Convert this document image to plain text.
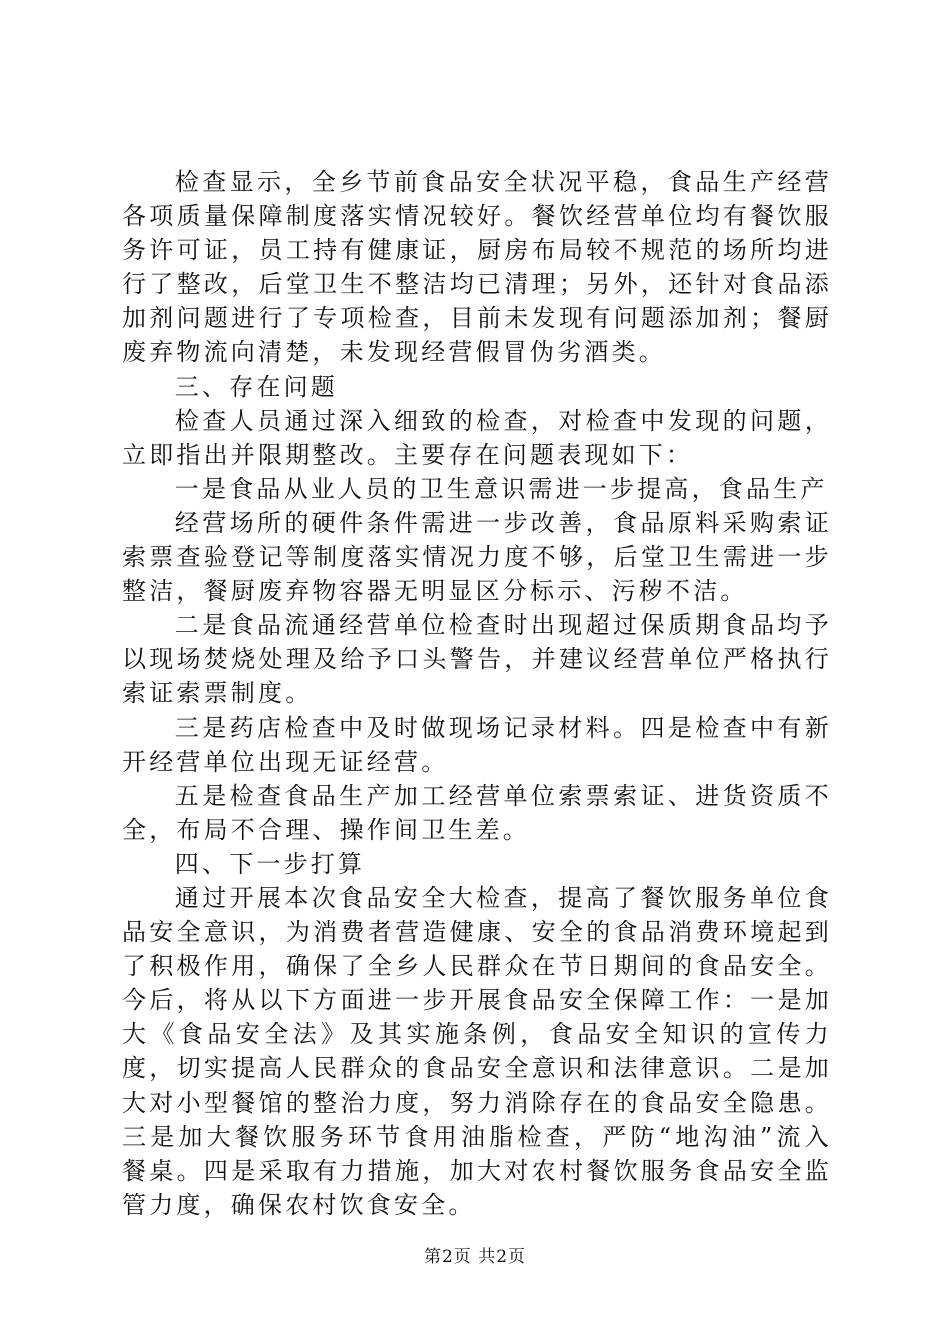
检查显示，全乡节前食品安全状况平稳，食品生产经营各项质量保障制度落实情况较好。餐饮经营单位均有餐饮服务许可证，员工持有健康证，厨房布局较不规范的场所均进行了整改，后堂卫生不整洁均已清理；另外，还针对食品添加剂问题进行了专项检查，目前未发现有问题添加剂；餐厨废弃物流向清楚，未发现经营假冒伪劣酒类。

三、存在问题

检查人员通过深入细致的检查，对检查中发现的问题，立即指出并限期整改。主要存在问题表现如下：

一是食品从业人员的卫生意识需进一步提高，食品生产

经营场所的硬件条件需进一步改善，食品原料采购索证索票查验登记等制度落实情况力度不够，后堂卫生需进一步整洁，餐厨废弃物容器无明显区分标示、污秽不洁。

二是食品流通经营单位检查时出现超过保质期食品均予以现场焚烧处理及给予口头警告，并建议经营单位严格执行索证索票制度。

三是药店检查中及时做现场记录材料。四是检查中有新开经营单位出现无证经营。

五是检查食品生产加工经营单位索票索证、进货资质不全，布局不合理、操作间卫生差。

四、下一步打算

通过开展本次食品安全大检查，提高了餐饮服务单位食品安全意识，为消费者营造健康、安全的食品消费环境起到了积极作用，确保了全乡人民群众在节日期间的食品安全。今后，将从以下方面进一步开展食品安全保障工作：一是加大《食品安全法》及其实施条例，食品安全知识的宣传力度，切实提高人民群众的食品安全意识和法律意识。二是加大对小型餐馆的整治力度，努力消除存在的食品安全隐患。三是加大餐饮服务环节食用油脂检查，严防“地沟油”流入餐桌。四是采取有力措施，加大对农村餐饮服务食品安全监管力度，确保农村饮食安全。

第2页 共2页
